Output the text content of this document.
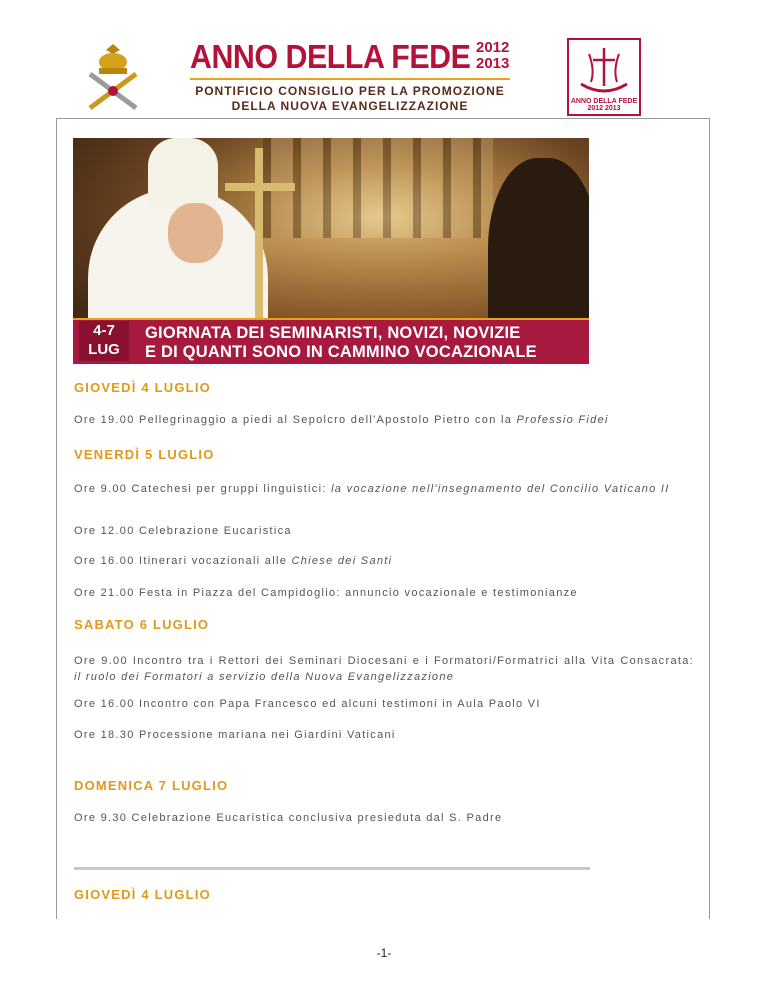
ANNO DELLA FEDE 2012
2013
PONTIFICIO CONSIGLIO PER LA PROMOZIONE
DELLA NUOVA EVANGELIZZAZIONE	ANNO DELLA FEDE 2012 2013
4-7
LUG
GIORNATA DEI SEMINARISTI, NOVIZI, NOVIZIE
E DI QUANTI SONO IN CAMMINO VOCAZIONALE
GIOVEDÌ 4 LUGLIO
Ore 19.00 Pellegrinaggio a piedi al Sepolcro dell'Apostolo Pietro con la Professio Fidei
VENERDÌ 5 LUGLIO
Ore 9.00 Catechesi per gruppi linguistici: la vocazione nell'insegnamento del Concilio Vaticano II
Ore 12.00 Celebrazione Eucaristica
Ore 16.00 Itinerari vocazionali alle Chiese dei Santi
Ore 21.00 Festa in Piazza del Campidoglio: annuncio vocazionale e testimonianze
SABATO 6 LUGLIO
Ore 9.00 Incontro tra i Rettori dei Seminari Diocesani e i Formatori/Formatrici alla Vita Consacrata: il ruolo dei Formatori a servizio della Nuova Evangelizzazione
Ore 16.00 Incontro con Papa Francesco ed alcuni testimoni in Aula Paolo VI
Ore 18.30 Processione mariana nei Giardini Vaticani
DOMENICA 7 LUGLIO
Ore 9.30 Celebrazione Eucaristica conclusiva presieduta dal S. Padre
GIOVEDÌ 4 LUGLIO
-1-
